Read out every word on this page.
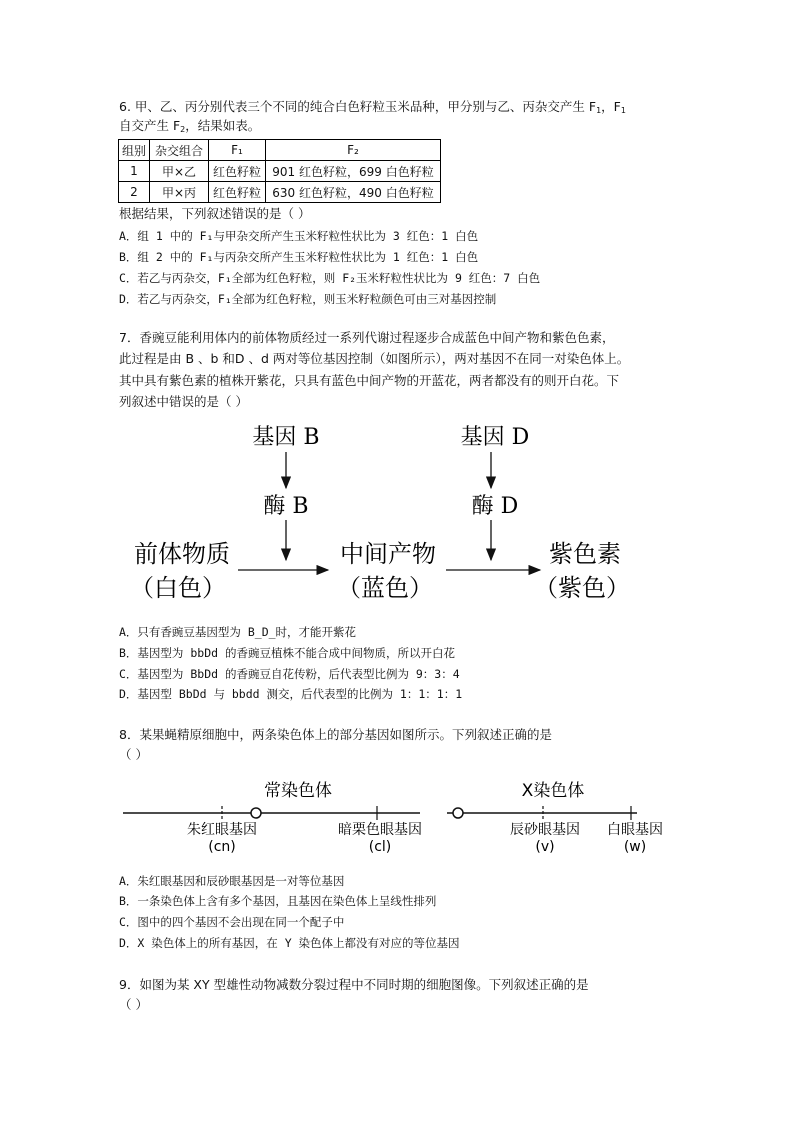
6. 甲、乙、丙分别代表三个不同的纯合白色籽粒玉米品种，甲分别与乙、丙杂交产生 $F_1$，$F_1$
自交产生 $F_2$，结果如表。
组别	杂交组合	F₁	F₂
1	甲×乙	红色籽粒	901 红色籽粒，699 白色籽粒
2	甲×丙	红色籽粒	630 红色籽粒，490 白色籽粒
根据结果，下列叙述错误的是（ ）
A．组 1 中的 F₁与甲杂交所产生玉米籽粒性状比为 3 红色：1 白色
B．组 2 中的 F₁与丙杂交所产生玉米籽粒性状比为 1 红色：1 白色
C．若乙与丙杂交，F₁全部为红色籽粒，则 F₂玉米籽粒性状比为 9 红色：7 白色
D．若乙与丙杂交，F₁全部为红色籽粒，则玉米籽粒颜色可由三对基因控制
7．香豌豆能利用体内的前体物质经过一系列代谢过程逐步合成蓝色中间产物和紫色色素，
此过程是由 B 、b 和D 、d 两对等位基因控制（如图所示），两对基因不在同一对染色体上。
其中具有紫色素的植株开紫花，只具有蓝色中间产物的开蓝花，两者都没有的则开白花。下
列叙述中错误的是（ ）
基因 B
酶 B
基因 D
酶 D
前体物质
（白色）
中间产物
（蓝色）
紫色素
（紫色）
A．只有香豌豆基因型为 B_D_时，才能开紫花
B．基因型为 bbDd 的香豌豆植株不能合成中间物质，所以开白花
C．基因型为 BbDd 的香豌豆自花传粉，后代表型比例为 9：3：4
D．基因型 BbDd 与 bbdd 测交，后代表型的比例为 1：1：1：1
8．某果蝇精原细胞中，两条染色体上的部分基因如图所示。下列叙述正确的是
（ ）
常染色体
朱红眼基因
(cn)
暗栗色眼基因
(cl)
X染色体
辰砂眼基因
(v)
白眼基因
(w)
A．朱红眼基因和辰砂眼基因是一对等位基因
B．一条染色体上含有多个基因，且基因在染色体上呈线性排列
C．图中的四个基因不会出现在同一个配子中
D．X 染色体上的所有基因，在 Y 染色体上都没有对应的等位基因
9．如图为某 XY 型雄性动物减数分裂过程中不同时期的细胞图像。下列叙述正确的是
（ ）
